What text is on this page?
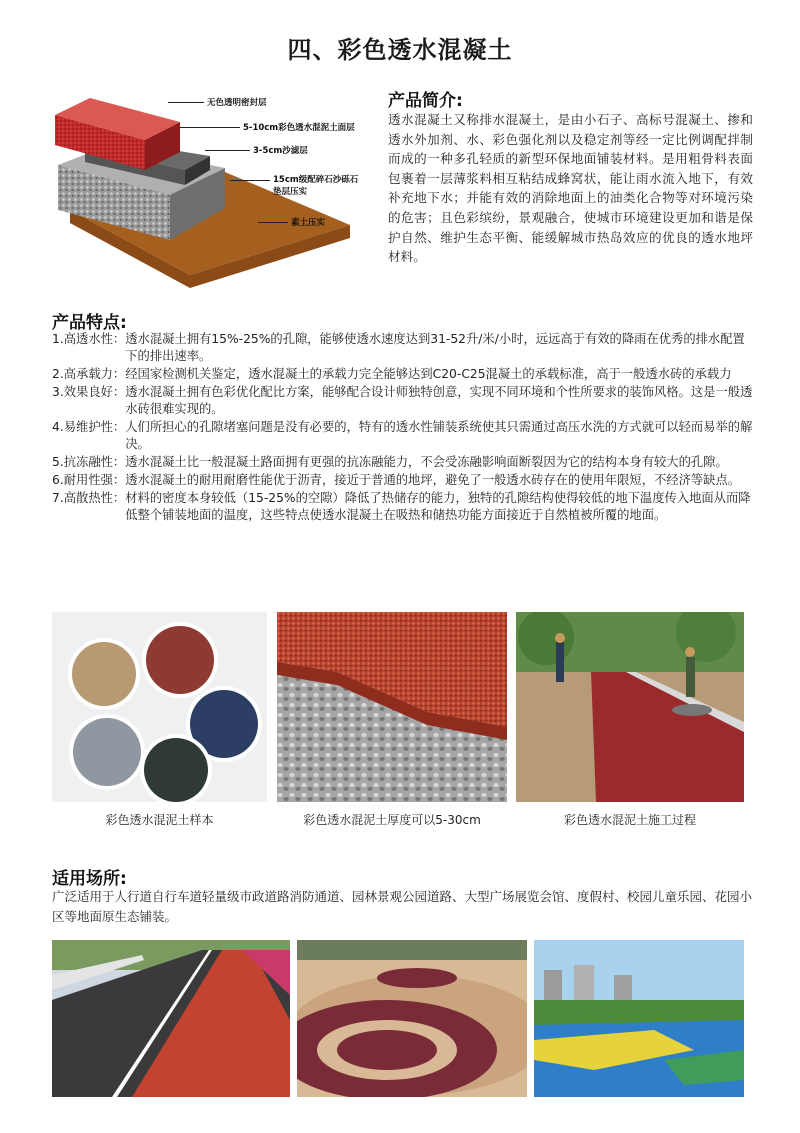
四、彩色透水混凝土
无色透明密封层
5-10cm彩色透水混泥土面层
3-5cm沙滤层
15cm级配碎石沙砾石
垫层压实
素土压实
产品简介:
透水混凝土又称排水混凝土，是由小石子、高标号混凝土、掺和透水外加剂、水、彩色强化剂以及稳定剂等经一定比例调配拌制而成的一种多孔轻质的新型环保地面铺装材料。是用粗骨料表面包裹着一层薄浆料相互粘结成蜂窝状，能让雨水流入地下，有效补充地下水；并能有效的消除地面上的油类化合物等对环境污染的危害；且色彩缤纷，景观融合，使城市环境建设更加和谐是保护自然、维护生态平衡、能缓解城市热岛效应的优良的透水地坪材料。
产品特点:
1.高透水性： 透水混凝土拥有15%-25%的孔隙，能够使透水速度达到31-52升/米/小时，远远高于有效的降雨在优秀的排水配置下的排出速率。
2.高承载力： 经国家检测机关鉴定，透水混凝土的承载力完全能够达到C20-C25混凝土的承载标准，高于一般透水砖的承载力
3.效果良好： 透水混凝土拥有色彩优化配比方案，能够配合设计师独特创意，实现不同环境和个性所要求的装饰风格。这是一般透水砖很难实现的。
4.易维护性： 人们所担心的孔隙堵塞问题是没有必要的，特有的透水性铺装系统使其只需通过高压水洗的方式就可以轻而易举的解决。
5.抗冻融性： 透水混凝土比一般混凝土路面拥有更强的抗冻融能力，不会受冻融影响面断裂因为它的结构本身有较大的孔隙。
6.耐用性强： 透水混凝土的耐用耐磨性能优于沥青，接近于普通的地坪，避免了一般透水砖存在的使用年限短，不经济等缺点。
7.高散热性： 材料的密度本身较低（15-25%的空隙）降低了热储存的能力，独特的孔隙结构使得较低的地下温度传入地面从而降低整个铺装地面的温度，这些特点使透水混凝土在吸热和储热功能方面接近于自然植被所覆的地面。
彩色透水混泥土样本	彩色透水混泥土厚度可以5-30cm	彩色透水混泥土施工过程
适用场所:
广泛适用于人行道自行车道轻量级市政道路消防通道、园林景观公园道路、大型广场展览会馆、度假村、校园儿童乐园、花园小区等地面原生态铺装。
